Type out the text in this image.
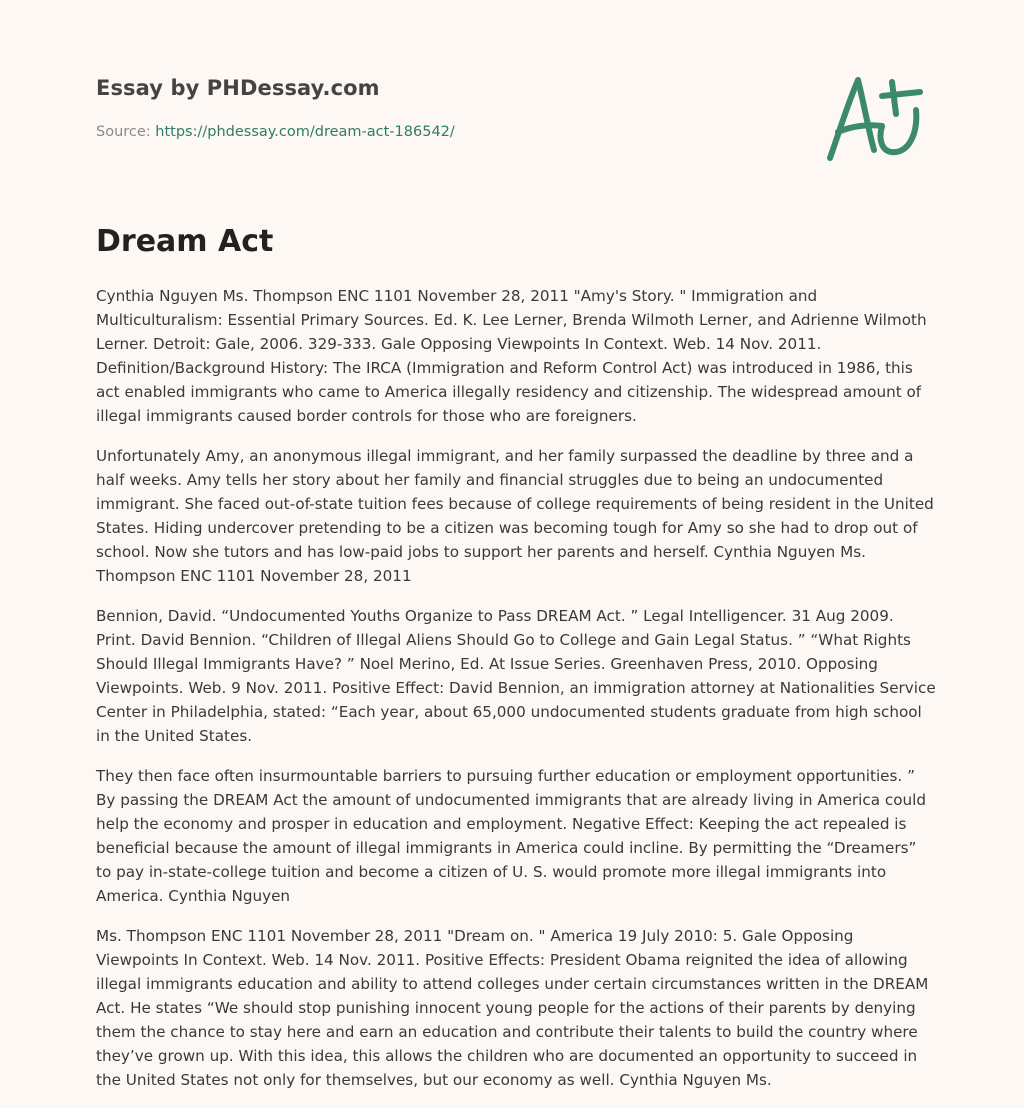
Essay by PHDessay.com

Source: https://phdessay.com/dream-act-186542/

Dream Act

Cynthia Nguyen Ms. Thompson ENC 1101 November 28, 2011 "Amy's Story. " Immigration and Multiculturalism: Essential Primary Sources. Ed. K. Lee Lerner, Brenda Wilmoth Lerner, and Adrienne Wilmoth Lerner. Detroit: Gale, 2006. 329-333. Gale Opposing Viewpoints In Context. Web. 14 Nov. 2011. Definition/Background History: The IRCA (Immigration and Reform Control Act) was introduced in 1986, this act enabled immigrants who came to America illegally residency and citizenship. The widespread amount of illegal immigrants caused border controls for those who are foreigners.

Unfortunately Amy, an anonymous illegal immigrant, and her family surpassed the deadline by three and a half weeks. Amy tells her story about her family and financial struggles due to being an undocumented immigrant. She faced out-of-state tuition fees because of college requirements of being resident in the United States. Hiding undercover pretending to be a citizen was becoming tough for Amy so she had to drop out of school. Now she tutors and has low-paid jobs to support her parents and herself. Cynthia Nguyen Ms. Thompson ENC 1101 November 28, 2011

Bennion, David. “Undocumented Youths Organize to Pass DREAM Act. ” Legal Intelligencer. 31 Aug 2009. Print. David Bennion. “Children of Illegal Aliens Should Go to College and Gain Legal Status. ” “What Rights Should Illegal Immigrants Have? ” Noel Merino, Ed. At Issue Series. Greenhaven Press, 2010. Opposing Viewpoints. Web. 9 Nov. 2011. Positive Effect: David Bennion, an immigration attorney at Nationalities Service Center in Philadelphia, stated: “Each year, about 65,000 undocumented students graduate from high school in the United States.

They then face often insurmountable barriers to pursuing further education or employment opportunities. ” By passing the DREAM Act the amount of undocumented immigrants that are already living in America could help the economy and prosper in education and employment. Negative Effect: Keeping the act repealed is beneficial because the amount of illegal immigrants in America could incline. By permitting the “Dreamers” to pay in-state-college tuition and become a citizen of U. S. would promote more illegal immigrants into America. Cynthia Nguyen

Ms. Thompson ENC 1101 November 28, 2011 "Dream on. " America 19 July 2010: 5. Gale Opposing Viewpoints In Context. Web. 14 Nov. 2011. Positive Effects: President Obama reignited the idea of allowing illegal immigrants education and ability to attend colleges under certain circumstances written in the DREAM Act. He states “We should stop punishing innocent young people for the actions of their parents by denying them the chance to stay here and earn an education and contribute their talents to build the country where they’ve grown up. With this idea, this allows the children who are documented an opportunity to succeed in the United States not only for themselves, but our economy as well. Cynthia Nguyen Ms.
